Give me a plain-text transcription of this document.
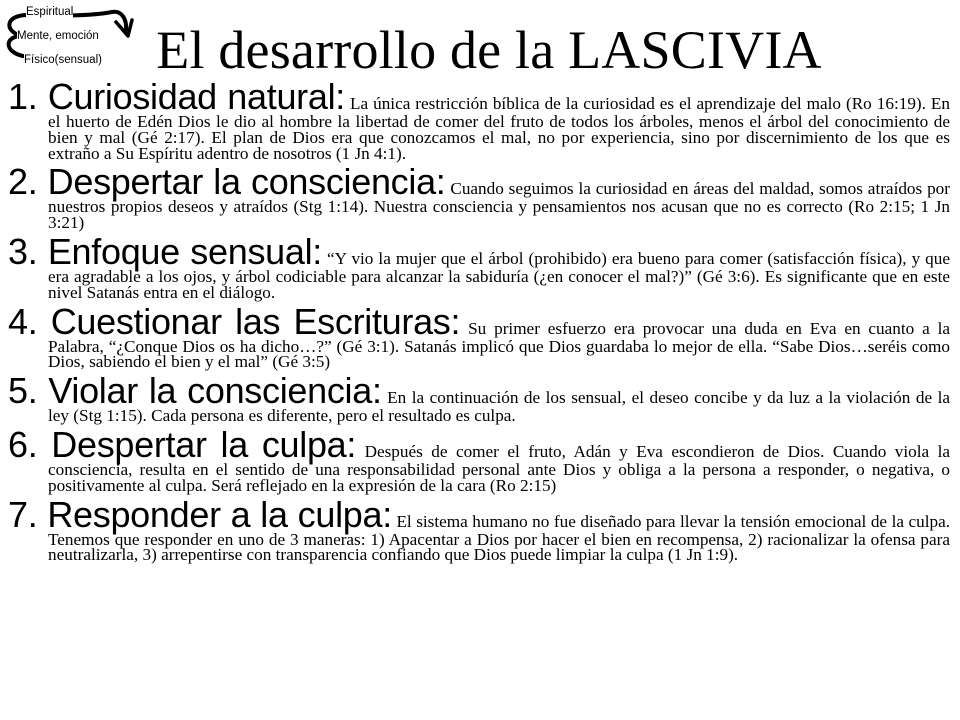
Espiritual
Mente, emoción
Físico(sensual)	El desarrollo de la LASCIVIA

1. Curiosidad natural: La única restricción bíblica de la curiosidad es el aprendizaje del malo (Ro 16:19). En el huerto de Edén Dios le dio al hombre la libertad de comer del fruto de todos los árboles, menos el árbol del conocimiento de bien y mal (Gé 2:17). El plan de Dios era que conozcamos el mal, no por experiencia, sino por discernimiento de los que es extraño a Su Espíritu adentro de nosotros (1 Jn 4:1).

2. Despertar la consciencia: Cuando seguimos la curiosidad en áreas del maldad, somos atraídos por nuestros propios deseos y atraídos (Stg 1:14). Nuestra consciencia y pensamientos nos acusan que no es correcto (Ro 2:15; 1 Jn 3:21)

3. Enfoque sensual: “Y vio la mujer que el árbol (prohibido) era bueno para comer (satisfacción física), y que era agradable a los ojos, y árbol codiciable para alcanzar la sabiduría (¿en conocer el mal?)” (Gé 3:6). Es significante que en este nivel Satanás entra en el diálogo.

4. Cuestionar las Escrituras: Su primer esfuerzo era provocar una duda en Eva en cuanto a la Palabra, “¿Conque Dios os ha dicho…?” (Gé 3:1). Satanás implicó que Dios guardaba lo mejor de ella. “Sabe Dios…seréis como Dios, sabiendo el bien y el mal” (Gé 3:5)

5. Violar la consciencia: En la continuación de los sensual, el deseo concibe y da luz a la violación de la ley (Stg 1:15). Cada persona es diferente, pero el resultado es culpa.

6. Despertar la culpa: Después de comer el fruto, Adán y Eva escondieron de Dios. Cuando viola la consciencia, resulta en el sentido de una responsabilidad personal ante Dios y obliga a la persona a responder, o negativa, o positivamente al culpa. Será reflejado en la expresión de la cara (Ro 2:15)

7. Responder a la culpa: El sistema humano no fue diseñado para llevar la tensión emocional de la culpa. Tenemos que responder en uno de 3 maneras: 1) Apacentar a Dios por hacer el bien en recompensa, 2) racionalizar la ofensa para neutralizarla, 3) arrepentirse con transparencia confiando que Dios puede limpiar la culpa (1 Jn 1:9).
